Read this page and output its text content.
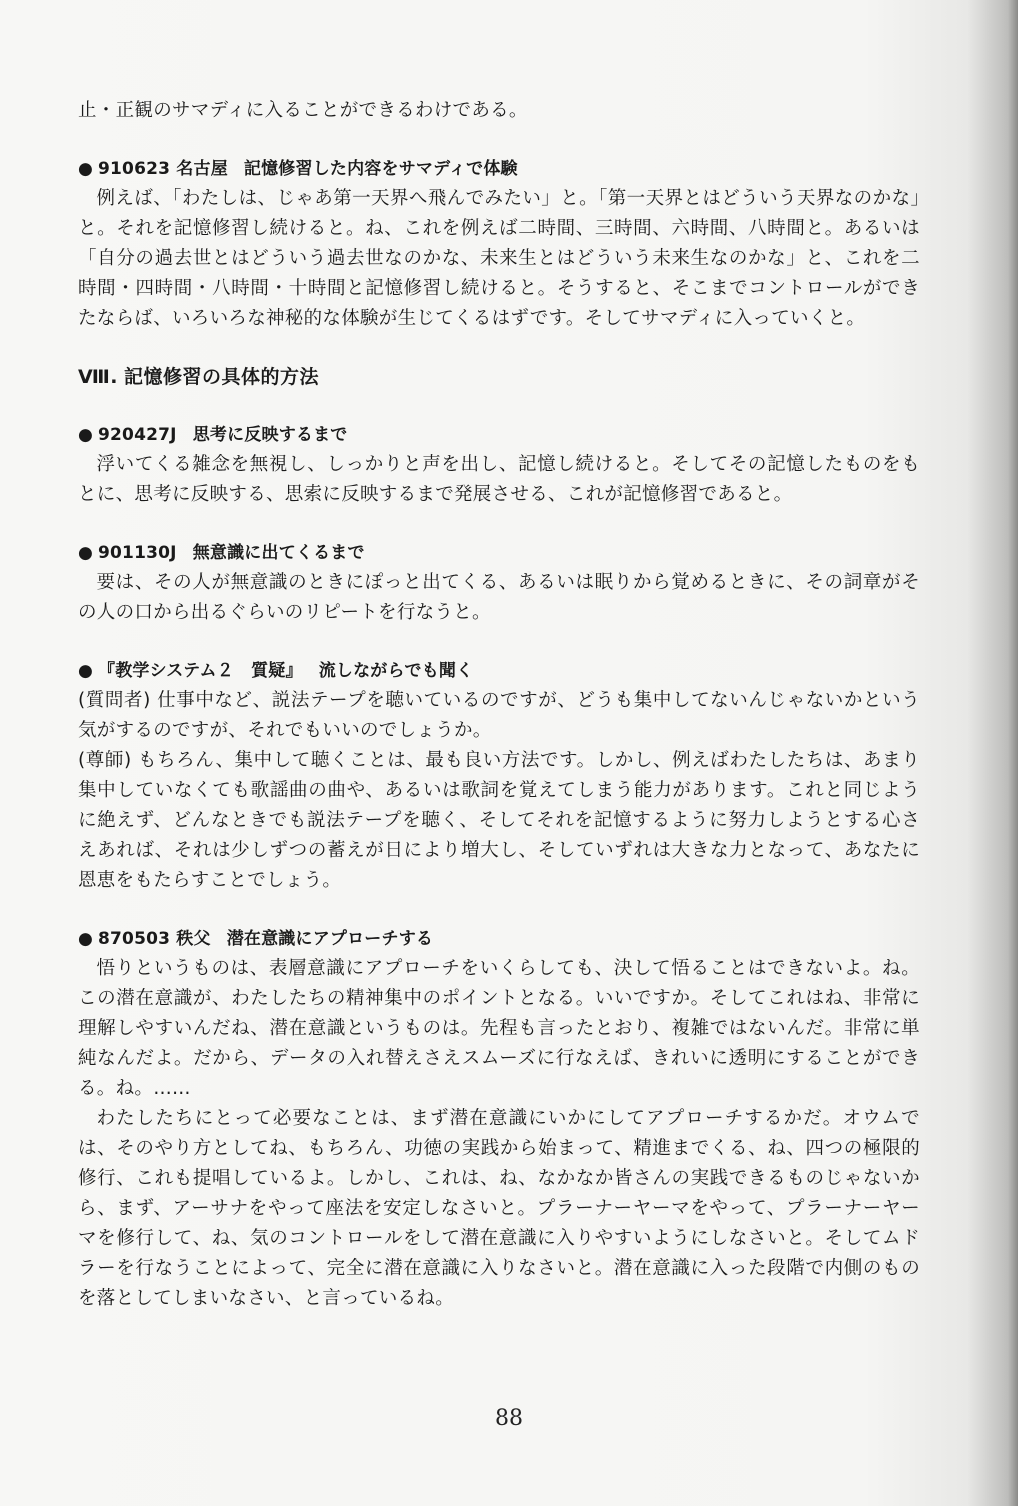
止・正観のサマディに入ることができるわけである。

● 910623 名古屋 記憶修習した内容をサマディで体験

例えば、「わたしは、じゃあ第一天界へ飛んでみたい」と。「第一天界とはどういう天界なのかな」と。それを記憶修習し続けると。ね、これを例えば二時間、三時間、六時間、八時間と。あるいは「自分の過去世とはどういう過去世なのかな、未来生とはどういう未来生なのかな」と、これを二時間・四時間・八時間・十時間と記憶修習し続けると。そうすると、そこまでコントロールができたならば、いろいろな神秘的な体験が生じてくるはずです。そしてサマディに入っていくと。

Ⅷ. 記憶修習の具体的方法

● 920427J 思考に反映するまで

浮いてくる雑念を無視し、しっかりと声を出し、記憶し続けると。そしてその記憶したものをもとに、思考に反映する、思索に反映するまで発展させる、これが記憶修習であると。

● 901130J 無意識に出てくるまで

要は、その人が無意識のときにぽっと出てくる、あるいは眠りから覚めるときに、その詞章がその人の口から出るぐらいのリピートを行なうと。

● 『教学システム２　質疑』 流しながらでも聞く

(質問者) 仕事中など、説法テープを聴いているのですが、どうも集中してないんじゃないかという気がするのですが、それでもいいのでしょうか。

(尊師) もちろん、集中して聴くことは、最も良い方法です。しかし、例えばわたしたちは、あまり集中していなくても歌謡曲の曲や、あるいは歌詞を覚えてしまう能力があります。これと同じように絶えず、どんなときでも説法テープを聴く、そしてそれを記憶するように努力しようとする心さえあれば、それは少しずつの蓄えが日により増大し、そしていずれは大きな力となって、あなたに恩恵をもたらすことでしょう。

● 870503 秩父 潜在意識にアプローチする

悟りというものは、表層意識にアプローチをいくらしても、決して悟ることはできないよ。ね。この潜在意識が、わたしたちの精神集中のポイントとなる。いいですか。そしてこれはね、非常に理解しやすいんだね、潜在意識というものは。先程も言ったとおり、複雑ではないんだ。非常に単純なんだよ。だから、データの入れ替えさえスムーズに行なえば、きれいに透明にすることができる。ね。……

わたしたちにとって必要なことは、まず潜在意識にいかにしてアプローチするかだ。オウムでは、そのやり方としてね、もちろん、功徳の実践から始まって、精進までくる、ね、四つの極限的修行、これも提唱しているよ。しかし、これは、ね、なかなか皆さんの実践できるものじゃないから、まず、アーサナをやって座法を安定しなさいと。プラーナーヤーマをやって、プラーナーヤーマを修行して、ね、気のコントロールをして潜在意識に入りやすいようにしなさいと。そしてムドラーを行なうことによって、完全に潜在意識に入りなさいと。潜在意識に入った段階で内側のものを落としてしまいなさい、と言っているね。

88
